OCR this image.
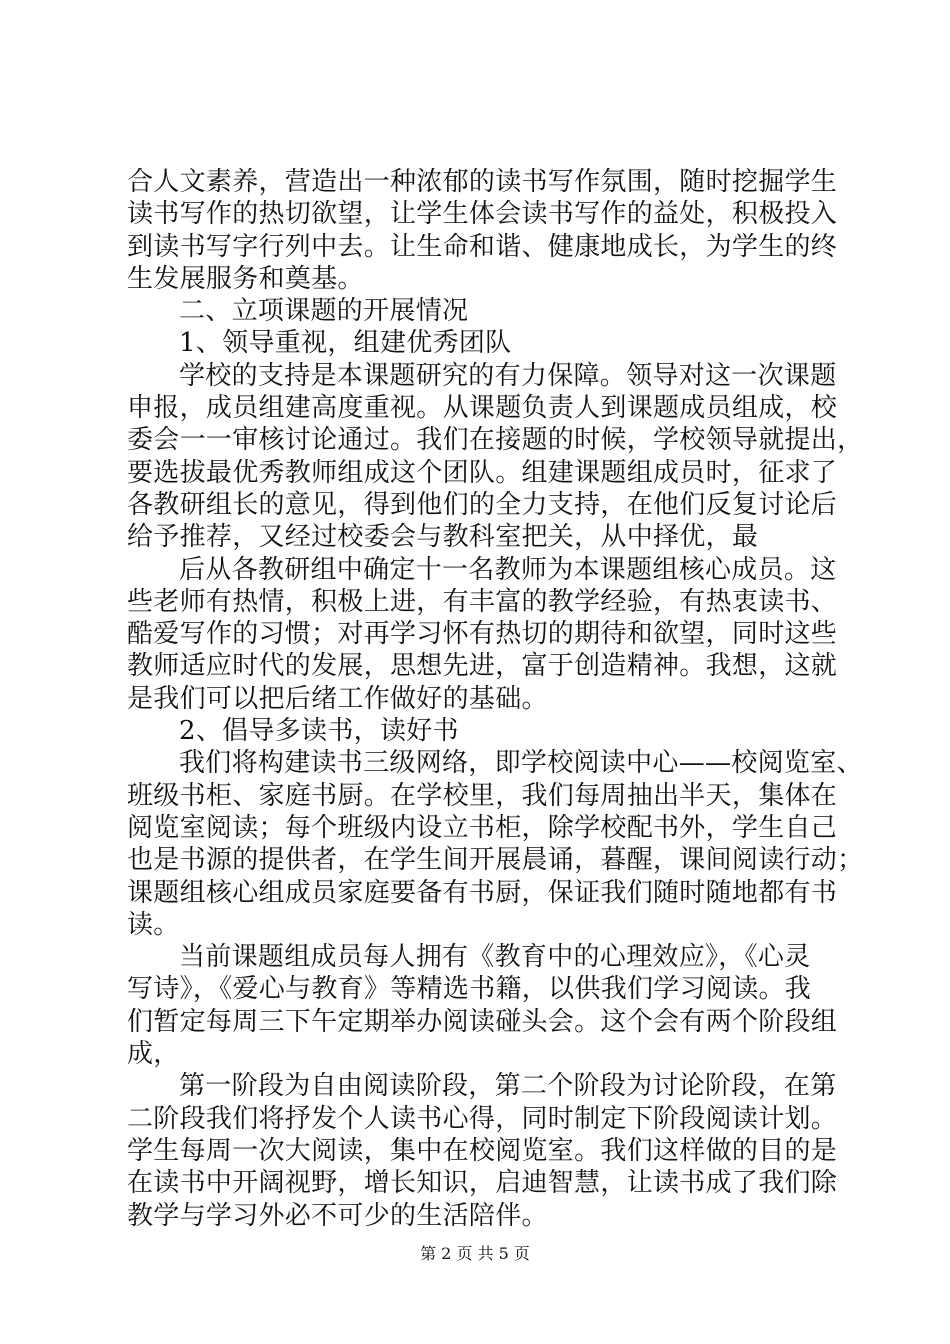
合人文素养，营造出一种浓郁的读书写作氛围，随时挖掘学生
读书写作的热切欲望，让学生体会读书写作的益处，积极投入
到读书写字行列中去。让生命和谐、健康地成长，为学生的终
生发展服务和奠基。
二、立项课题的开展情况
1、领导重视，组建优秀团队
学校的支持是本课题研究的有力保障。领导对这一次课题
申报，成员组建高度重视。从课题负责人到课题成员组成，校
委会一一审核讨论通过。我们在接题的时候，学校领导就提出，
要选拔最优秀教师组成这个团队。组建课题组成员时，征求了
各教研组长的意见，得到他们的全力支持，在他们反复讨论后
给予推荐，又经过校委会与教科室把关，从中择优，最
后从各教研组中确定十一名教师为本课题组核心成员。这
些老师有热情，积极上进，有丰富的教学经验，有热衷读书、
酷爱写作的习惯；对再学习怀有热切的期待和欲望，同时这些
教师适应时代的发展，思想先进，富于创造精神。我想，这就
是我们可以把后绪工作做好的基础。
2、倡导多读书，读好书
我们将构建读书三级网络，即学校阅读中心——校阅览室、
班级书柜、家庭书厨。在学校里，我们每周抽出半天，集体在
阅览室阅读；每个班级内设立书柜，除学校配书外，学生自己
也是书源的提供者，在学生间开展晨诵，暮醒，课间阅读行动；
课题组核心组成员家庭要备有书厨，保证我们随时随地都有书
读。
当前课题组成员每人拥有《教育中的心理效应》，《心灵
写诗》，《爱心与教育》等精选书籍，以供我们学习阅读。我
们暂定每周三下午定期举办阅读碰头会。这个会有两个阶段组
成，
第一阶段为自由阅读阶段，第二个阶段为讨论阶段，在第
二阶段我们将抒发个人读书心得，同时制定下阶段阅读计划。
学生每周一次大阅读，集中在校阅览室。我们这样做的目的是
在读书中开阔视野，增长知识，启迪智慧，让读书成了我们除
教学与学习外必不可少的生活陪伴。
第 2 页 共 5 页
